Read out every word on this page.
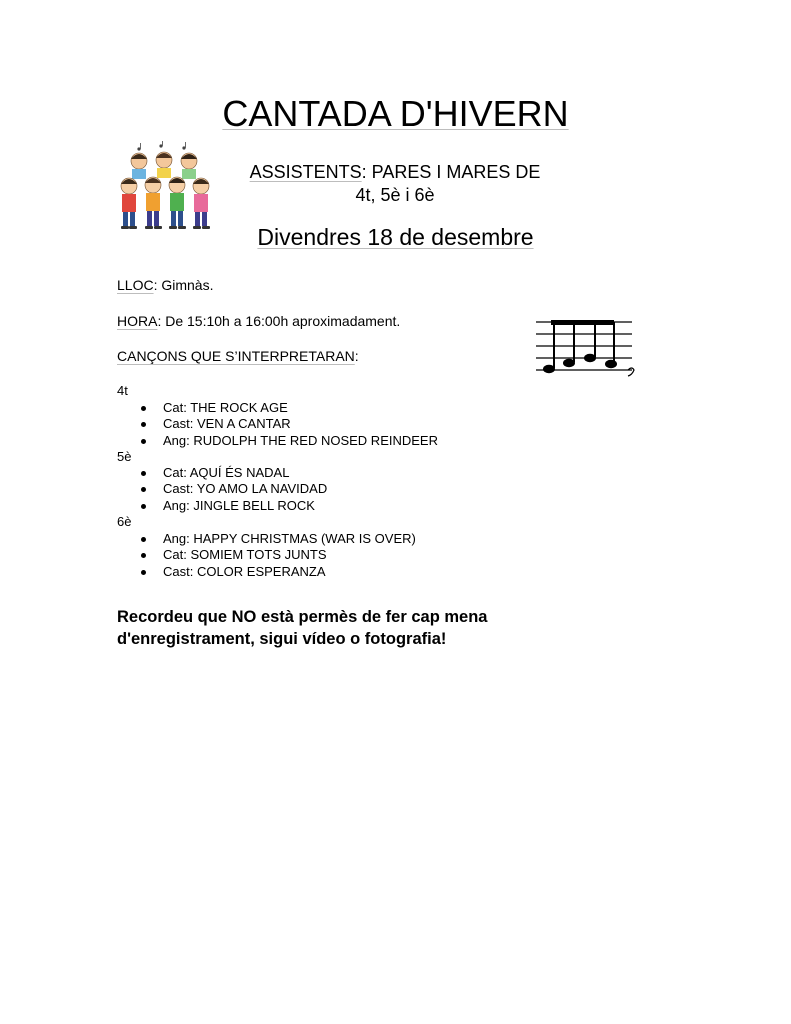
CANTADA D'HIVERN
ASSISTENTS: PARES I MARES DE
4t, 5è i 6è
Divendres 18 de desembre
LLOC: Gimnàs.
HORA: De 15:10h a 16:00h aproximadament.
CANÇONS QUE S’INTERPRETARAN:
4t
Cat: THE ROCK AGE
Cast: VEN A CANTAR
Ang: RUDOLPH THE RED NOSED REINDEER
5è
Cat: AQUÍ ÉS NADAL
Cast: YO AMO LA NAVIDAD
Ang: JINGLE BELL ROCK
6è
Ang: HAPPY CHRISTMAS (WAR IS OVER)
Cat: SOMIEM TOTS JUNTS
Cast: COLOR ESPERANZA
Recordeu que NO està permès de fer cap mena
d'enregistrament, sigui vídeo o fotografia!
